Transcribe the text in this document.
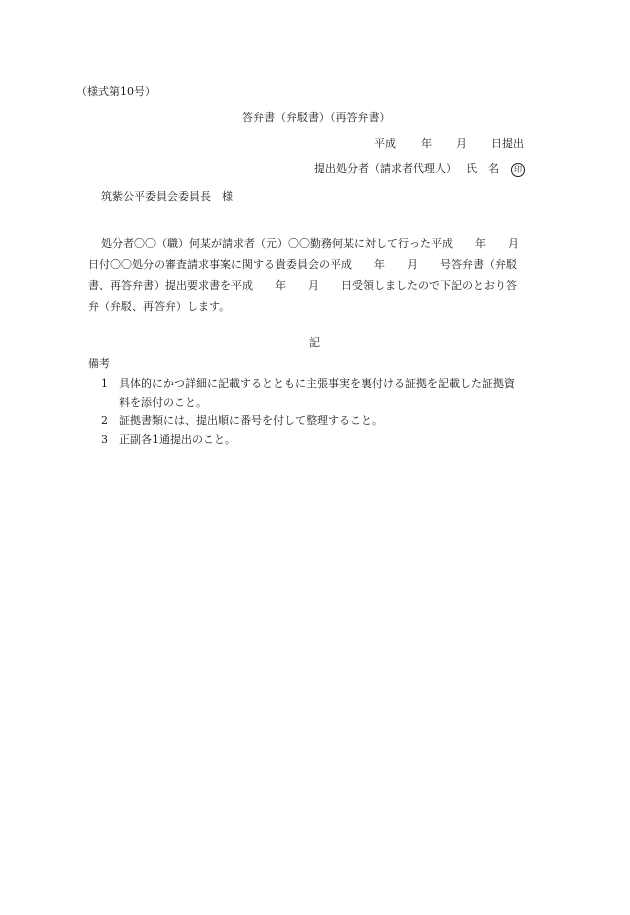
（様式第10号）
答弁書（弁駁書）（再答弁書）
平成 年 月 日提出
提出処分者（請求者代理人） 氏　名	印
筑紫公平委員会委員長　様
処分者〇〇（職）何某が請求者（元）〇〇勤務何某に対して行った平成　　年　　月
日付〇〇処分の審査請求事案に関する貴委員会の平成　　年　　月　　号答弁書（弁駁
書、再答弁書）提出要求書を平成　　年　　月　　日受領しましたので下記のとおり答
弁（弁駁、再答弁）します。
記
備考
1 具体的にかつ詳細に記載するとともに主張事実を裏付ける証拠を記載した証拠資
料を添付のこと。
2 証拠書類には、提出順に番号を付して整理すること。
3 正副各1通提出のこと。
